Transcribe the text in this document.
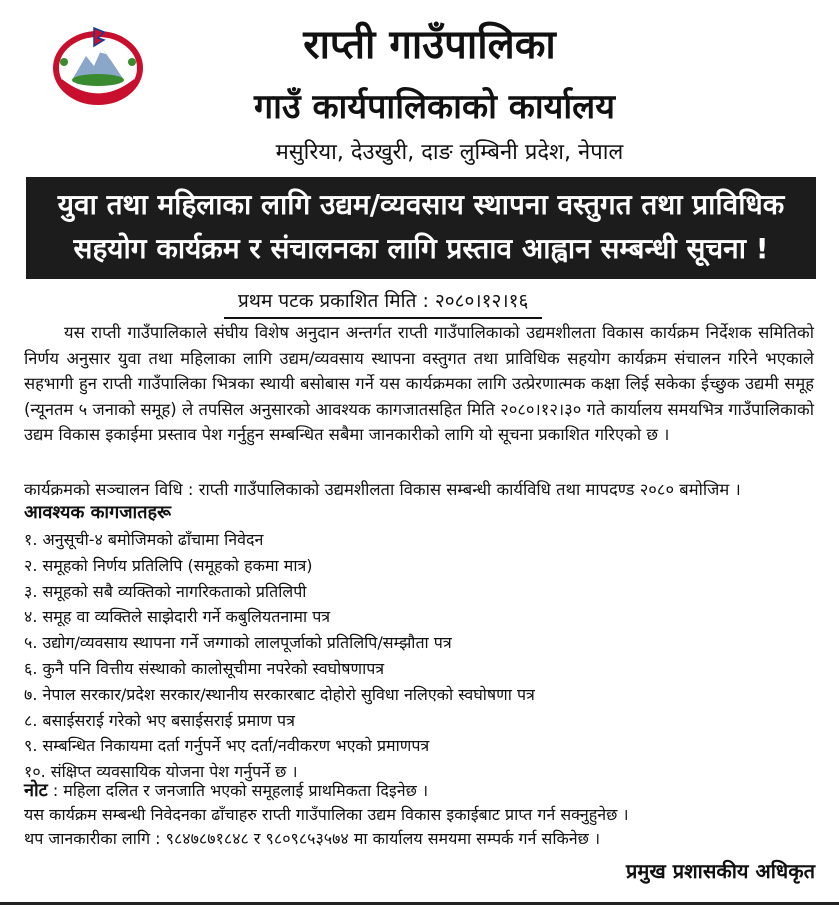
राप्ती गाउँपालिका
गाउँ कार्यपालिकाको कार्यालय
मसुरिया, देउखुरी, दाङ लुम्बिनी प्रदेश, नेपाल
युवा तथा महिलाका लागि उद्यम/व्यवसाय स्थापना वस्तुगत तथा प्राविधिक
सहयोग कार्यक्रम र संचालनका लागि प्रस्ताव आह्वान सम्बन्धी सूचना !
प्रथम पटक प्रकाशित मिति : २०८०।१२।१६

यस राप्ती गाउँपालिकाले संघीय विशेष अनुदान अन्तर्गत राप्ती गाउँपालिकाको उद्यमशीलता विकास कार्यक्रम निर्देशक समितिको निर्णय अनुसार युवा तथा महिलाका लागि उद्यम/व्यवसाय स्थापना वस्तुगत तथा प्राविधिक सहयोग कार्यक्रम संचालन गरिने भएकाले सहभागी हुन राप्ती गाउँपालिका भित्रका स्थायी बसोबास गर्ने यस कार्यक्रमका लागि उत्प्रेरणात्मक कक्षा लिई सकेका ईच्छुक उद्यमी समूह (न्यूनतम ५ जनाको समूह) ले तपसिल अनुसारको आवश्यक कागजातसहित मिति २०८०।१२।३० गते कार्यालय समयभित्र गाउँपालिकाको उद्यम विकास इकाईमा प्रस्ताव पेश गर्नुहुन सम्बन्धित सबैमा जानकारीको लागि यो सूचना प्रकाशित गरिएको छ ।

कार्यक्रमको सञ्चालन विधि : राप्ती गाउँपालिकाको उद्यमशीलता विकास सम्बन्धी कार्यविधि तथा मापदण्ड २०८० बमोजिम ।
आवश्यक कागजातहरू
१. अनुसूची-४ बमोजिमको ढाँचामा निवेदन
२. समूहको निर्णय प्रतिलिपि (समूहको हकमा मात्र)
३. समूहको सबै व्यक्तिको नागरिकताको प्रतिलिपी
४. समूह वा व्यक्तिले साझेदारी गर्ने कबुलियतनामा पत्र
५. उद्योग/व्यवसाय स्थापना गर्ने जग्गाको लालपूर्जाको प्रतिलिपि/सम्झौता पत्र
६. कुनै पनि वित्तीय संस्थाको कालोसूचीमा नपरेको स्वघोषणापत्र
७. नेपाल सरकार/प्रदेश सरकार/स्थानीय सरकारबाट दोहोरो सुविधा नलिएको स्वघोषणा पत्र
८. बसाईसराई गरेको भए बसाईसराई प्रमाण पत्र
९. सम्बन्धित निकायमा दर्ता गर्नुपर्ने भए दर्ता/नवीकरण भएको प्रमाणपत्र
१०. संक्षिप्त व्यवसायिक योजना पेश गर्नुपर्ने छ ।
नोट : महिला दलित र जनजाति भएको समूहलाई प्राथमिकता दिइनेछ ।
यस कार्यक्रम सम्बन्धी निवेदनका ढाँचाहरु राप्ती गाउँपालिका उद्यम विकास इकाईबाट प्राप्त गर्न सक्नुहुनेछ ।
थप जानकारीका लागि : ९८४७८७१८४८ र ९८०९८५३५७४ मा कार्यालय समयमा सम्पर्क गर्न सकिनेछ ।
प्रमुख प्रशासकीय अधिकृत
